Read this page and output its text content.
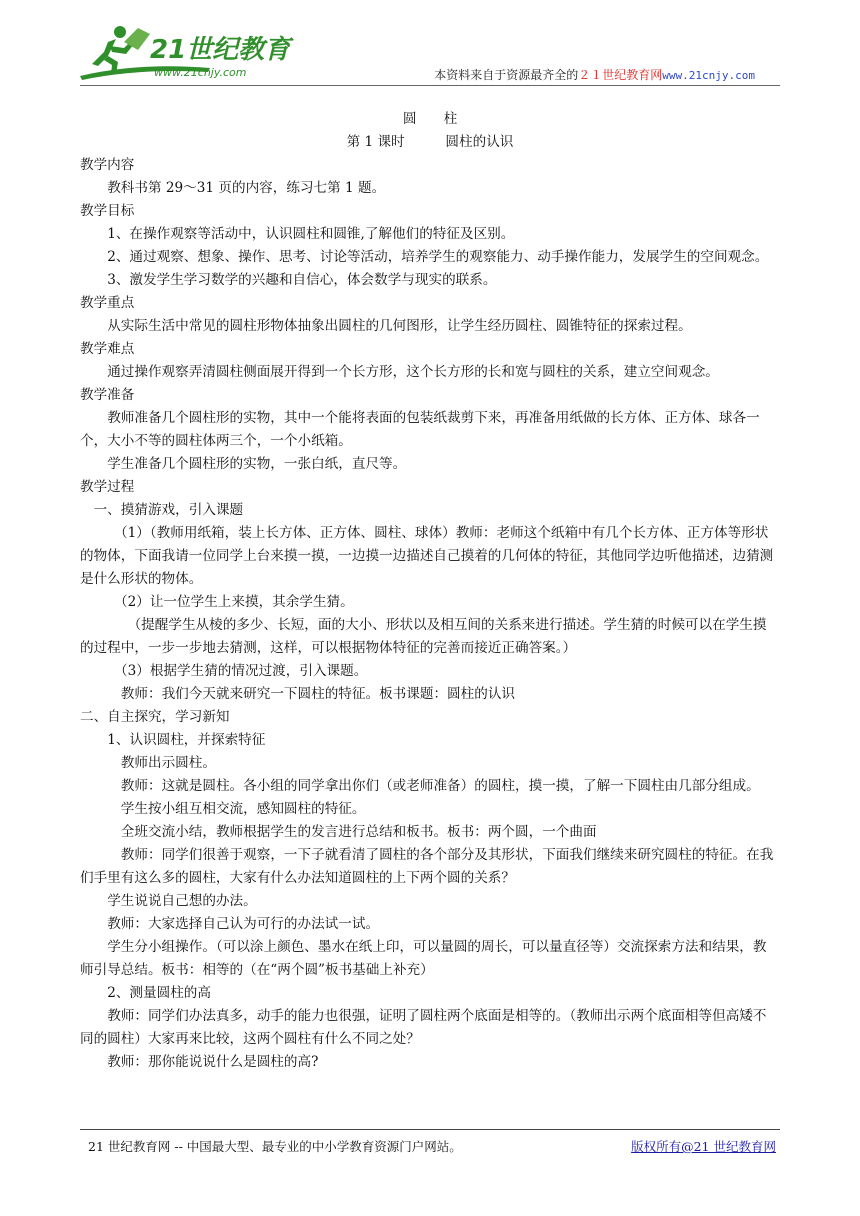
21世纪教育
www.21cnjy.com	本资料来自于资源最齐全的２１世纪教育网www.21cnjy.com
圆　　柱
第 1 课时　　　圆柱的认识

教学内容

教科书第 29～31 页的内容，练习七第 1 题。

教学目标

1、在操作观察等活动中，认识圆柱和圆锥,了解他们的特征及区别。

2、通过观察、想象、操作、思考、讨论等活动，培养学生的观察能力、动手操作能力，发展学生的空间观念。

3、激发学生学习数学的兴趣和自信心，体会数学与现实的联系。

教学重点

从实际生活中常见的圆柱形物体抽象出圆柱的几何图形，让学生经历圆柱、圆锥特征的探索过程。

教学难点

通过操作观察弄清圆柱侧面展开得到一个长方形，这个长方形的长和宽与圆柱的关系，建立空间观念。

教学准备

教师准备几个圆柱形的实物，其中一个能将表面的包装纸裁剪下来，再准备用纸做的长方体、正方体、球各一个，大小不等的圆柱体两三个，一个小纸箱。

学生准备几个圆柱形的实物，一张白纸，直尺等。

教学过程

一、摸猜游戏，引入课题

（1）（教师用纸箱，装上长方体、正方体、圆柱、球体）教师：老师这个纸箱中有几个长方体、正方体等形状的物体，下面我请一位同学上台来摸一摸，一边摸一边描述自己摸着的几何体的特征，其他同学边听他描述，边猜测是什么形状的物体。

（2）让一位学生上来摸，其余学生猜。

（提醒学生从棱的多少、长短，面的大小、形状以及相互间的关系来进行描述。学生猜的时候可以在学生摸的过程中，一步一步地去猜测，这样，可以根据物体特征的完善而接近正确答案。）

（3）根据学生猜的情况过渡，引入课题。

教师：我们今天就来研究一下圆柱的特征。板书课题：圆柱的认识

二、自主探究，学习新知

1、认识圆柱，并探索特征

教师出示圆柱。

教师：这就是圆柱。各小组的同学拿出你们（或老师准备）的圆柱，摸一摸，了解一下圆柱由几部分组成。

学生按小组互相交流，感知圆柱的特征。

全班交流小结，教师根据学生的发言进行总结和板书。板书：两个圆，一个曲面

教师：同学们很善于观察，一下子就看清了圆柱的各个部分及其形状，下面我们继续来研究圆柱的特征。在我们手里有这么多的圆柱，大家有什么办法知道圆柱的上下两个圆的关系？

学生说说自己想的办法。

教师：大家选择自己认为可行的办法试一试。

学生分小组操作。（可以涂上颜色、墨水在纸上印，可以量圆的周长，可以量直径等）交流探索方法和结果，教师引导总结。板书：相等的（在“两个圆”板书基础上补充）

2、测量圆柱的高

教师：同学们办法真多，动手的能力也很强，证明了圆柱两个底面是相等的。（教师出示两个底面相等但高矮不同的圆柱）大家再来比较，这两个圆柱有什么不同之处？

教师：那你能说说什么是圆柱的高?

21 世纪教育网 -- 中国最大型、最专业的中小学教育资源门户网站。	版权所有@21 世纪教育网
